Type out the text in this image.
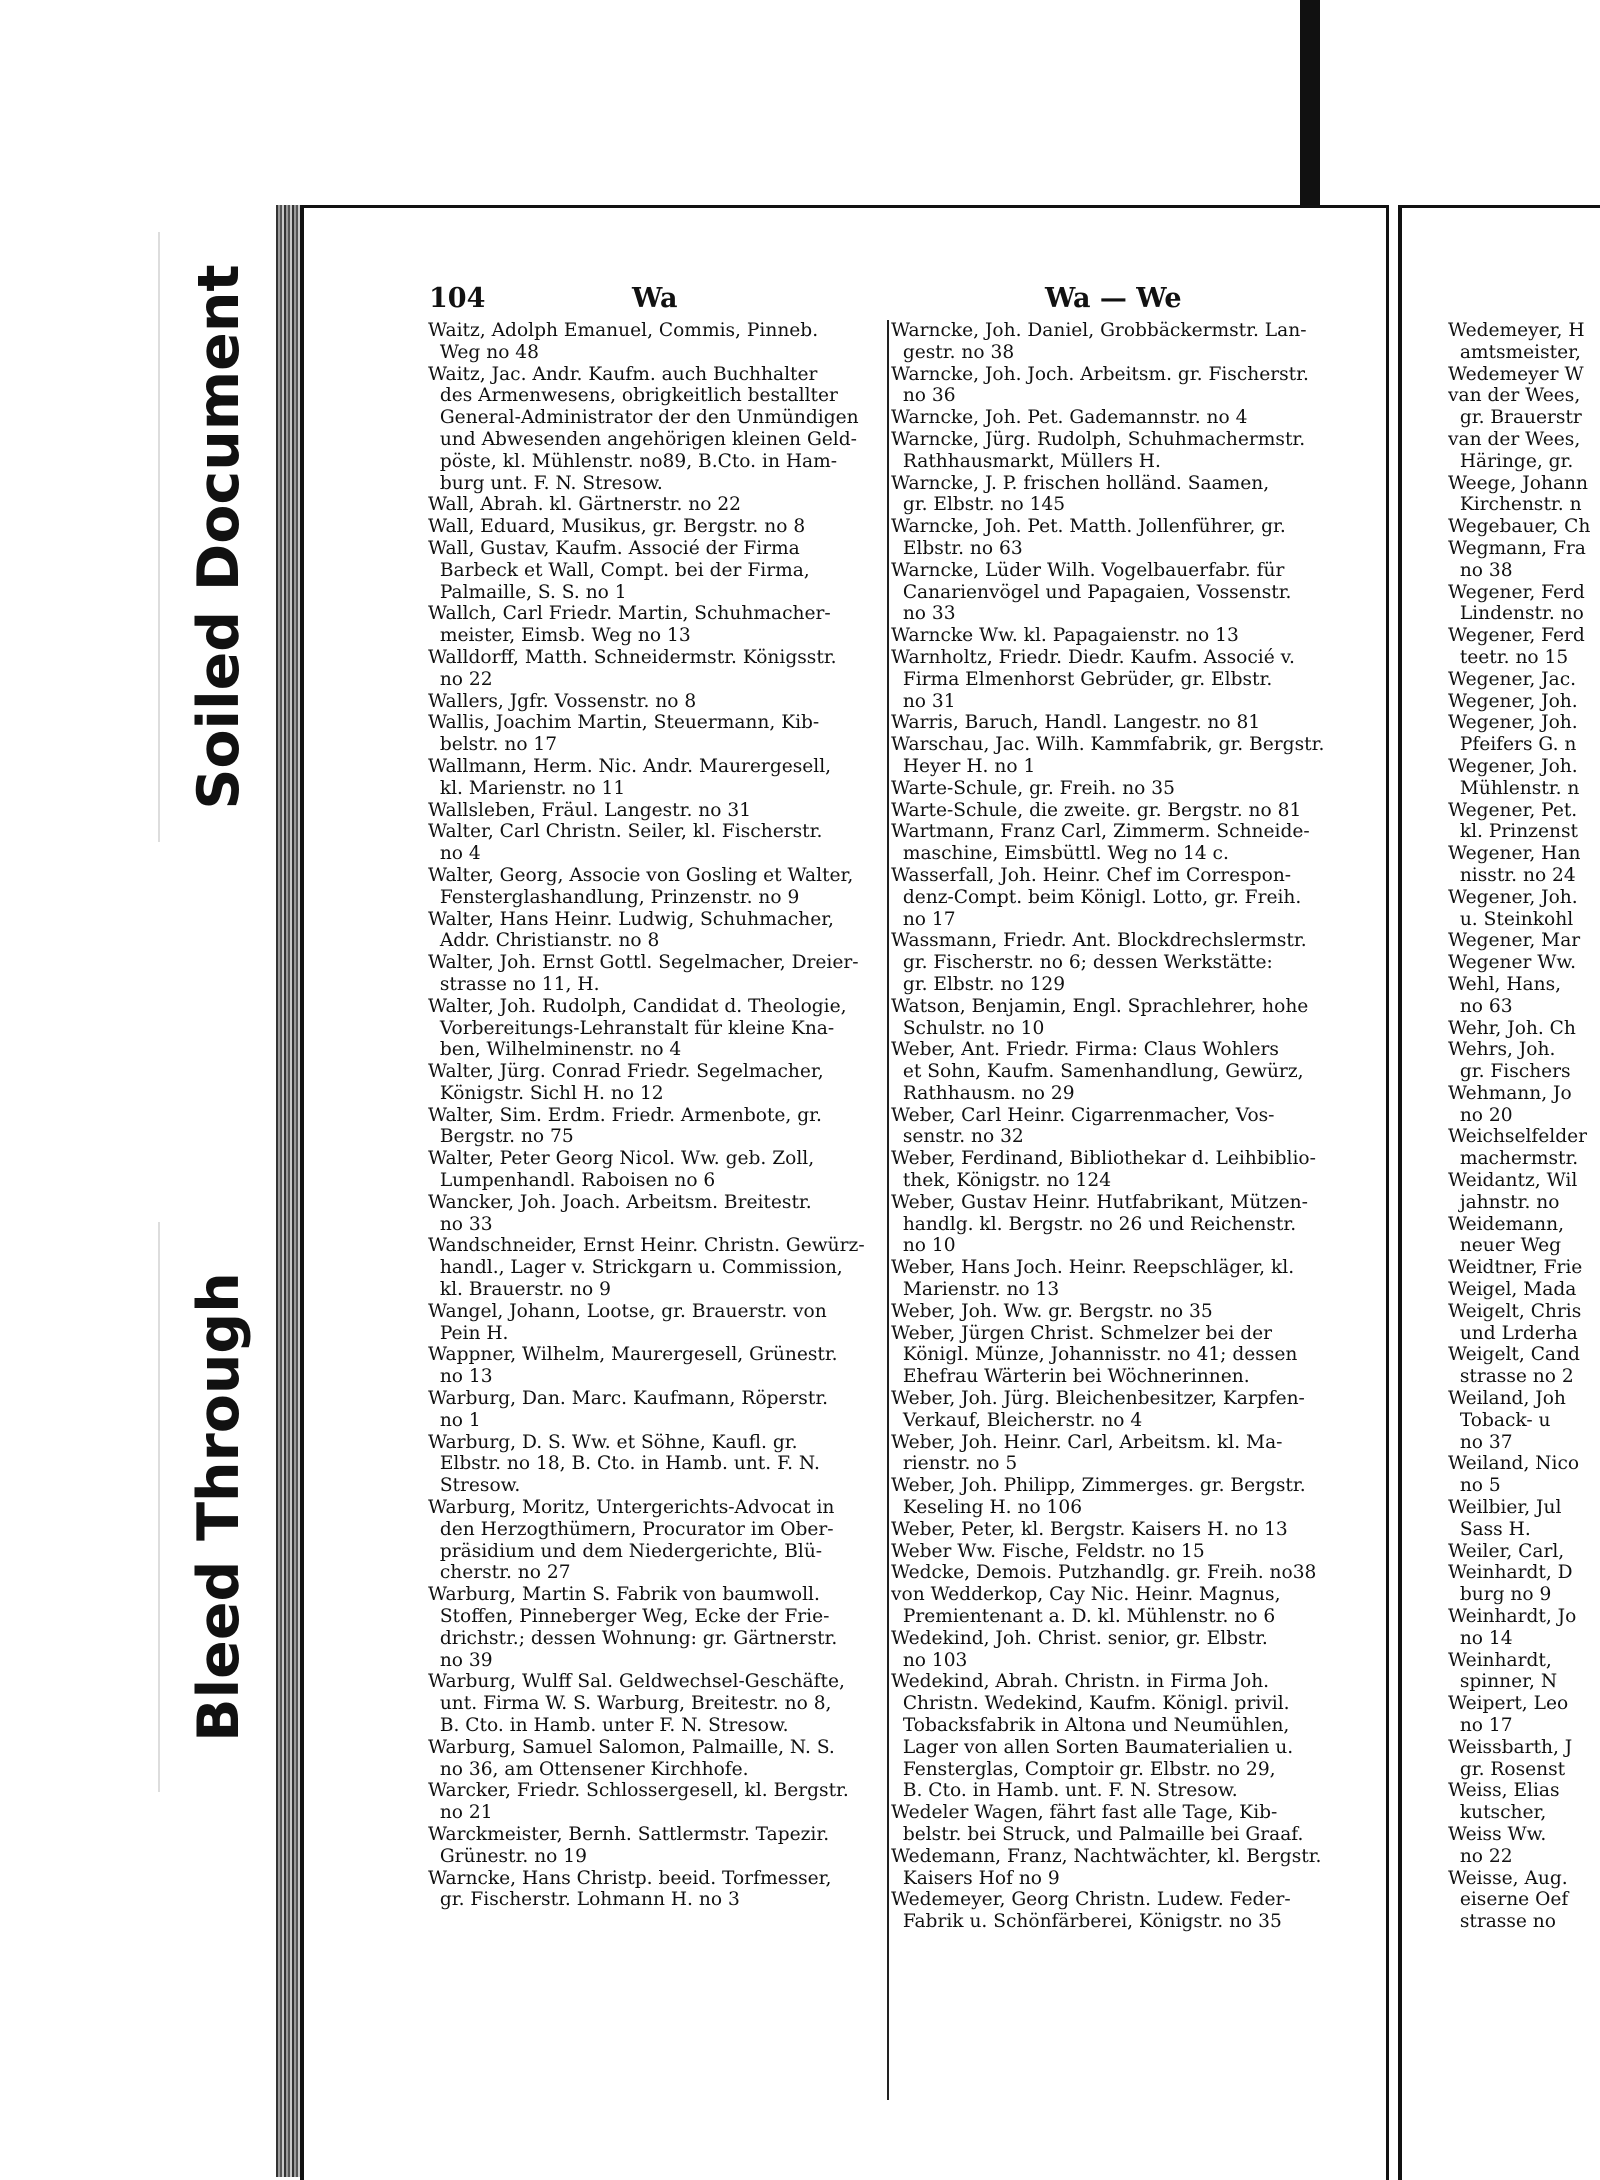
Soiled Document
Bleed Through
104	Wa	Wa — We
Waitz, Adolph Emanuel, Commis, Pinneb.
Weg no 48
Waitz, Jac. Andr. Kaufm. auch Buchhalter
des Armenwesens, obrigkeitlich bestallter
General-Administrator der den Unmündigen
und Abwesenden angehörigen kleinen Geld-
pöste, kl. Mühlenstr. no89, B.Cto. in Ham-
burg unt. F. N. Stresow.
Wall, Abrah. kl. Gärtnerstr. no 22
Wall, Eduard, Musikus, gr. Bergstr. no 8
Wall, Gustav, Kaufm. Associé der Firma
Barbeck et Wall, Compt. bei der Firma,
Palmaille, S. S. no 1
Wallch, Carl Friedr. Martin, Schuhmacher-
meister, Eimsb. Weg no 13
Walldorff, Matth. Schneidermstr. Königsstr.
no 22
Wallers, Jgfr. Vossenstr. no 8
Wallis, Joachim Martin, Steuermann, Kib-
belstr. no 17
Wallmann, Herm. Nic. Andr. Maurergesell,
kl. Marienstr. no 11
Wallsleben, Fräul. Langestr. no 31
Walter, Carl Christn. Seiler, kl. Fischerstr.
no 4
Walter, Georg, Associe von Gosling et Walter,
Fensterglashandlung, Prinzenstr. no 9
Walter, Hans Heinr. Ludwig, Schuhmacher,
Addr. Christianstr. no 8
Walter, Joh. Ernst Gottl. Segelmacher, Dreier-
strasse no 11, H.
Walter, Joh. Rudolph, Candidat d. Theologie,
Vorbereitungs-Lehranstalt für kleine Kna-
ben, Wilhelminenstr. no 4
Walter, Jürg. Conrad Friedr. Segelmacher,
Königstr. Sichl H. no 12
Walter, Sim. Erdm. Friedr. Armenbote, gr.
Bergstr. no 75
Walter, Peter Georg Nicol. Ww. geb. Zoll,
Lumpenhandl. Raboisen no 6
Wancker, Joh. Joach. Arbeitsm. Breitestr.
no 33
Wandschneider, Ernst Heinr. Christn. Gewürz-
handl., Lager v. Strickgarn u. Commission,
kl. Brauerstr. no 9
Wangel, Johann, Lootse, gr. Brauerstr. von
Pein H.
Wappner, Wilhelm, Maurergesell, Grünestr.
no 13
Warburg, Dan. Marc. Kaufmann, Röperstr.
no 1
Warburg, D. S. Ww. et Söhne, Kaufl. gr.
Elbstr. no 18, B. Cto. in Hamb. unt. F. N.
Stresow.
Warburg, Moritz, Untergerichts-Advocat in
den Herzogthümern, Procurator im Ober-
präsidium und dem Niedergerichte, Blü-
cherstr. no 27
Warburg, Martin S. Fabrik von baumwoll.
Stoffen, Pinneberger Weg, Ecke der Frie-
drichstr.; dessen Wohnung: gr. Gärtnerstr.
no 39
Warburg, Wulff Sal. Geldwechsel-Geschäfte,
unt. Firma W. S. Warburg, Breitestr. no 8,
B. Cto. in Hamb. unter F. N. Stresow.
Warburg, Samuel Salomon, Palmaille, N. S.
no 36, am Ottensener Kirchhofe.
Warcker, Friedr. Schlossergesell, kl. Bergstr.
no 21
Warckmeister, Bernh. Sattlermstr. Tapezir.
Grünestr. no 19
Warncke, Hans Christp. beeid. Torfmesser,
gr. Fischerstr. Lohmann H. no 3
Warncke, Joh. Daniel, Grobbäckermstr. Lan-
gestr. no 38
Warncke, Joh. Joch. Arbeitsm. gr. Fischerstr.
no 36
Warncke, Joh. Pet. Gademannstr. no 4
Warncke, Jürg. Rudolph, Schuhmachermstr.
Rathhausmarkt, Müllers H.
Warncke, J. P. frischen holländ. Saamen,
gr. Elbstr. no 145
Warncke, Joh. Pet. Matth. Jollenführer, gr.
Elbstr. no 63
Warncke, Lüder Wilh. Vogelbauerfabr. für
Canarienvögel und Papagaien, Vossenstr.
no 33
Warncke Ww. kl. Papagaienstr. no 13
Warnholtz, Friedr. Diedr. Kaufm. Associé v.
Firma Elmenhorst Gebrüder, gr. Elbstr.
no 31
Warris, Baruch, Handl. Langestr. no 81
Warschau, Jac. Wilh. Kammfabrik, gr. Bergstr.
Heyer H. no 1
Warte-Schule, gr. Freih. no 35
Warte-Schule, die zweite. gr. Bergstr. no 81
Wartmann, Franz Carl, Zimmerm. Schneide-
maschine, Eimsbüttl. Weg no 14 c.
Wasserfall, Joh. Heinr. Chef im Correspon-
denz-Compt. beim Königl. Lotto, gr. Freih.
no 17
Wassmann, Friedr. Ant. Blockdrechslermstr.
gr. Fischerstr. no 6; dessen Werkstätte:
gr. Elbstr. no 129
Watson, Benjamin, Engl. Sprachlehrer, hohe
Schulstr. no 10
Weber, Ant. Friedr. Firma: Claus Wohlers
et Sohn, Kaufm. Samenhandlung, Gewürz,
Rathhausm. no 29
Weber, Carl Heinr. Cigarrenmacher, Vos-
senstr. no 32
Weber, Ferdinand, Bibliothekar d. Leihbiblio-
thek, Königstr. no 124
Weber, Gustav Heinr. Hutfabrikant, Mützen-
handlg. kl. Bergstr. no 26 und Reichenstr.
no 10
Weber, Hans Joch. Heinr. Reepschläger, kl.
Marienstr. no 13
Weber, Joh. Ww. gr. Bergstr. no 35
Weber, Jürgen Christ. Schmelzer bei der
Königl. Münze, Johannisstr. no 41; dessen
Ehefrau Wärterin bei Wöchnerinnen.
Weber, Joh. Jürg. Bleichenbesitzer, Karpfen-
Verkauf, Bleicherstr. no 4
Weber, Joh. Heinr. Carl, Arbeitsm. kl. Ma-
rienstr. no 5
Weber, Joh. Philipp, Zimmerges. gr. Bergstr.
Keseling H. no 106
Weber, Peter, kl. Bergstr. Kaisers H. no 13
Weber Ww. Fische, Feldstr. no 15
Wedcke, Demois. Putzhandlg. gr. Freih. no38
von Wedderkop, Cay Nic. Heinr. Magnus,
Premientenant a. D. kl. Mühlenstr. no 6
Wedekind, Joh. Christ. senior, gr. Elbstr.
no 103
Wedekind, Abrah. Christn. in Firma Joh.
Christn. Wedekind, Kaufm. Königl. privil.
Tobacksfabrik in Altona und Neumühlen,
Lager von allen Sorten Baumaterialien u.
Fensterglas, Comptoir gr. Elbstr. no 29,
B. Cto. in Hamb. unt. F. N. Stresow.
Wedeler Wagen, fährt fast alle Tage, Kib-
belstr. bei Struck, und Palmaille bei Graaf.
Wedemann, Franz, Nachtwächter, kl. Bergstr.
Kaisers Hof no 9
Wedemeyer, Georg Christn. Ludew. Feder-
Fabrik u. Schönfärberei, Königstr. no 35
Wedemeyer, H
amtsmeister,
Wedemeyer W
van der Wees,
gr. Brauerstr
van der Wees,
Häringe, gr.
Weege, Johann
Kirchenstr. n
Wegebauer, Ch
Wegmann, Fra
no 38
Wegener, Ferd
Lindenstr. no
Wegener, Ferd
teetr. no 15
Wegener, Jac.
Wegener, Joh.
Wegener, Joh.
Pfeifers G. n
Wegener, Joh.
Mühlenstr. n
Wegener, Pet.
kl. Prinzenst
Wegener, Han
nisstr. no 24
Wegener, Joh.
u. Steinkohl
Wegener, Mar
Wegener Ww.
Wehl, Hans,
no 63
Wehr, Joh. Ch
Wehrs, Joh.
gr. Fischers
Wehmann, Jo
no 20
Weichselfelder
machermstr.
Weidantz, Wil
jahnstr. no
Weidemann,
neuer Weg
Weidtner, Frie
Weigel, Mada
Weigelt, Chris
und Lrderha
Weigelt, Cand
strasse no 2
Weiland, Joh
Toback- u
no 37
Weiland, Nico
no 5
Weilbier, Jul
Sass H.
Weiler, Carl,
Weinhardt, D
burg no 9
Weinhardt, Jo
no 14
Weinhardt,
spinner, N
Weipert, Leo
no 17
Weissbarth, J
gr. Rosenst
Weiss, Elias
kutscher,
Weiss Ww.
no 22
Weisse, Aug.
eiserne Oef
strasse no
